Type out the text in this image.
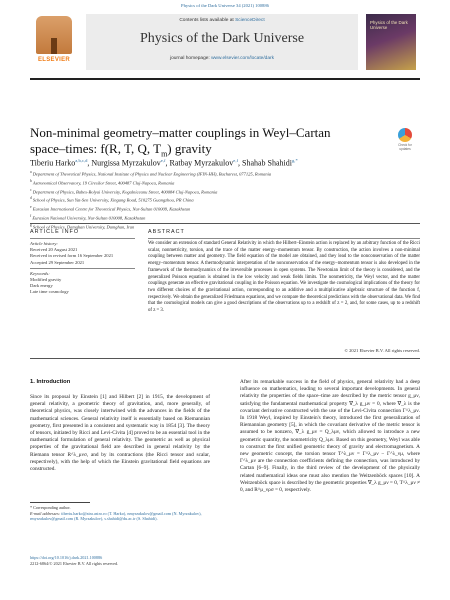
Physics of the Dark Universe 34 (2021) 100886
ELSEVIER
Contents lists available at ScienceDirect
Physics of the Dark Universe
journal homepage: www.elsevier.com/locate/dark
Physics of the Dark Universe
Non-minimal geometry–matter couplings in Weyl–Cartan
space–times: f(R, T, Q, $T_m$) gravity	Check for updates
Tiberiu Harko$^{a,b,c,d}$, Nurgissa Myrzakulov$^{e,f}$, Ratbay Myrzakulov$^{e,f}$, Shahab Shahidi$^{g,*}$
$^a$ Department of Theoretical Physics, National Institute of Physics and Nuclear Engineering (IFIN-HH), Bucharest, 077125, Romania
$^b$ Astronomical Observatory, 19 Ciresilor Street, 400487 Cluj-Napoca, Romania
$^c$ Department of Physics, Babes-Bolyai University, Kogalniceanu Street, 400084 Cluj-Napoca, Romania
$^d$ School of Physics, Sun Yat-Sen University, Xingang Road, 510275 Guangzhou, PR China
$^e$ Eurasian International Centre for Theoretical Physics, Nur-Sultan 010009, Kazakhstan
$^f$ Eurasian National University, Nur-Sultan 010008, Kazakhstan
$^g$ School of Physics, Damghan University, Damghan, Iran
ARTICLE INFO	ABSTRACT
Article history:
Received 20 August 2021
Received in revised form 16 September 2021
Accepted 29 September 2021
Keywords:
Modified gravity
Dark energy
Late time cosmology
We consider an extension of standard General Relativity in which the Hilbert–Einstein action is replaced by an arbitrary function of the Ricci scalar, nonmetricity, torsion, and the trace of the matter energy–momentum tensor. By construction, the action involves a non-minimal coupling between matter and geometry. The field equation of the model are obtained, and they lead to the nonconservation of the matter energy–momentum tensor. A thermodynamic interpretation of the nonconservation of the energy–momentum tensor is also developed in the framework of the thermodynamics of the irreversible processes in open systems. The Newtonian limit of the theory is considered, and the generalized Poisson equation is obtained in the low velocity and weak fields limits. The nonmetricity, the Weyl vector, and the matter couplings generate an effective gravitational coupling in the Poisson equation. We investigate the cosmological implications of the theory for two different choices of the gravitational action, corresponding to an additive and a multiplicative algebraic structure of the function f, respectively. We obtain the generalized Friedmann equations, and we compare the theoretical predictions with the observational data. We find that the cosmological models can give a good descriptions of the observations up to a redshift of z = 2, and, for some cases, up to a redshift of z = 3.
© 2021 Elsevier B.V. All rights reserved.
1. Introduction
Since its proposal by Einstein [1] and Hilbert [2] in 1915, the development of general relativity, a geometric theory of gravitation, and, more generally, of theoretical physics, was closely intertwined with the advances in the fields of the mathematical sciences. General relativity itself is essentially based on Riemannian geometry, first presented in a consistent and systematic way in 1854 [3]. The theory of tensors, initiated by Ricci and Levi-Civita [4] proved to be an essential tool in the mathematical formulation of general relativity. The geometric as well as physical properties of the gravitational field are described in general relativity by the Riemann tensor R^λ_μνσ, and by its contractions (the Ricci tensor and scalar, respectively), with the help of which the Einstein gravitational field equations are constructed.
After its remarkable success in the field of physics, general relativity had a deep influence on mathematics, leading to several important developments. In general relativity the properties of the space–time are described by the metric tensor g_μν, satisfying the fundamental mathematical property ∇_λ g_μν = 0, where ∇_λ is the covariant derivative constructed with the use of the Levi-Civita connection Γ^λ_μν. In 1918 Weyl, inspired by Einstein's theory, introduced the first generalization of Riemannian geometry [5], in which the covariant derivative of the metric tensor is assumed to be nonzero, ∇_λ g_μν = Q_λμν, which allowed to introduce a new geometric quantity, the nonmetricity Q_λμν. Based on this geometry, Weyl was able to construct the first unified geometric theory of gravity and electromagnetism. A new geometric concept, the torsion tensor T^λ_μν = Γ^λ_μν − Γ^λ_νμ, where Γ^λ_μν are the connection coefficients defining the connection, was introduced by Cartan [6–9]. Finally, in the third review of the development of the physically related mathematical ideas one must also mention the Weitzenböck spaces [10]. A Weitzenböck space is described by the geometric properties ∇_λ g_μν = 0, T^λ_μν ≠ 0, and R^μ_νρσ = 0, respectively.
* Corresponding author.
E-mail addresses: tiberiu.harko@aira.astro.ro (T. Harko), nmyrzakulov@gmail.com (N. Myrzakulov), rmyrzakulov@gmail.com (R. Myrzakulov), s.shahidi@du.ac.ir (S. Shahidi).
https://doi.org/10.1016/j.dark.2021.100886
2212-6864/© 2021 Elsevier B.V. All rights reserved.
